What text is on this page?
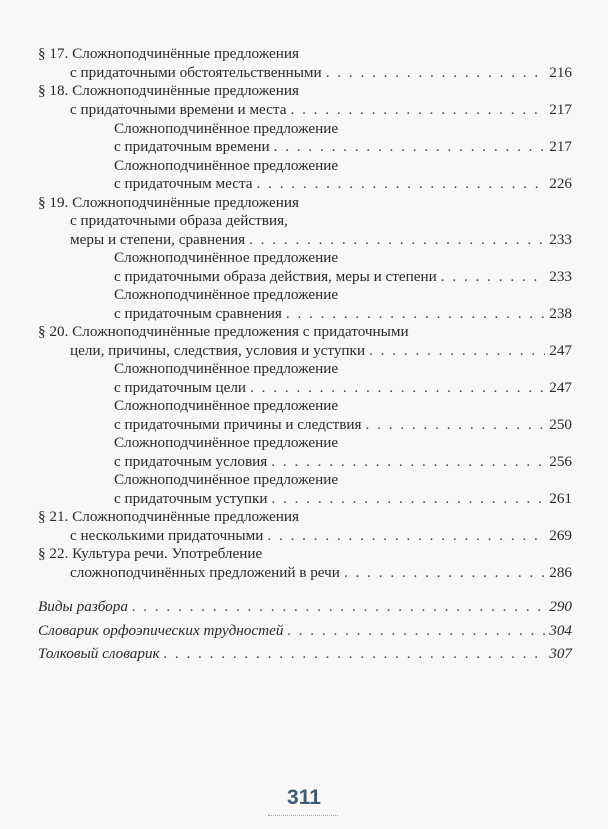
§ 17. Сложноподчинённые предложения
с придаточными обстоятельственными . . .	216
§ 18. Сложноподчинённые предложения
с придаточными времени и места . . .	217
Сложноподчинённое предложение
с придаточным времени . . .	217
Сложноподчинённое предложение
с придаточным места . . .	226
§ 19. Сложноподчинённые предложения
с придаточными образа действия,
меры и степени, сравнения . . .	233
Сложноподчинённое предложение
с придаточными образа действия, меры и степени . . .	233
Сложноподчинённое предложение
с придаточным сравнения . . .	238
§ 20. Сложноподчинённые предложения с придаточными
цели, причины, следствия, условия и уступки . . .	247
Сложноподчинённое предложение
с придаточным цели . . .	247
Сложноподчинённое предложение
с придаточными причины и следствия . . .	250
Сложноподчинённое предложение
с придаточным условия . . .	256
Сложноподчинённое предложение
с придаточным уступки . . .	261
§ 21. Сложноподчинённые предложения
с несколькими придаточными . . .	269
§ 22. Культура речи. Употребление
сложноподчинённых предложений в речи . . .	286
Виды разбора . . .	290
Словарик орфоэпических трудностей . . .	304
Толковый словарик . . .	307
311
